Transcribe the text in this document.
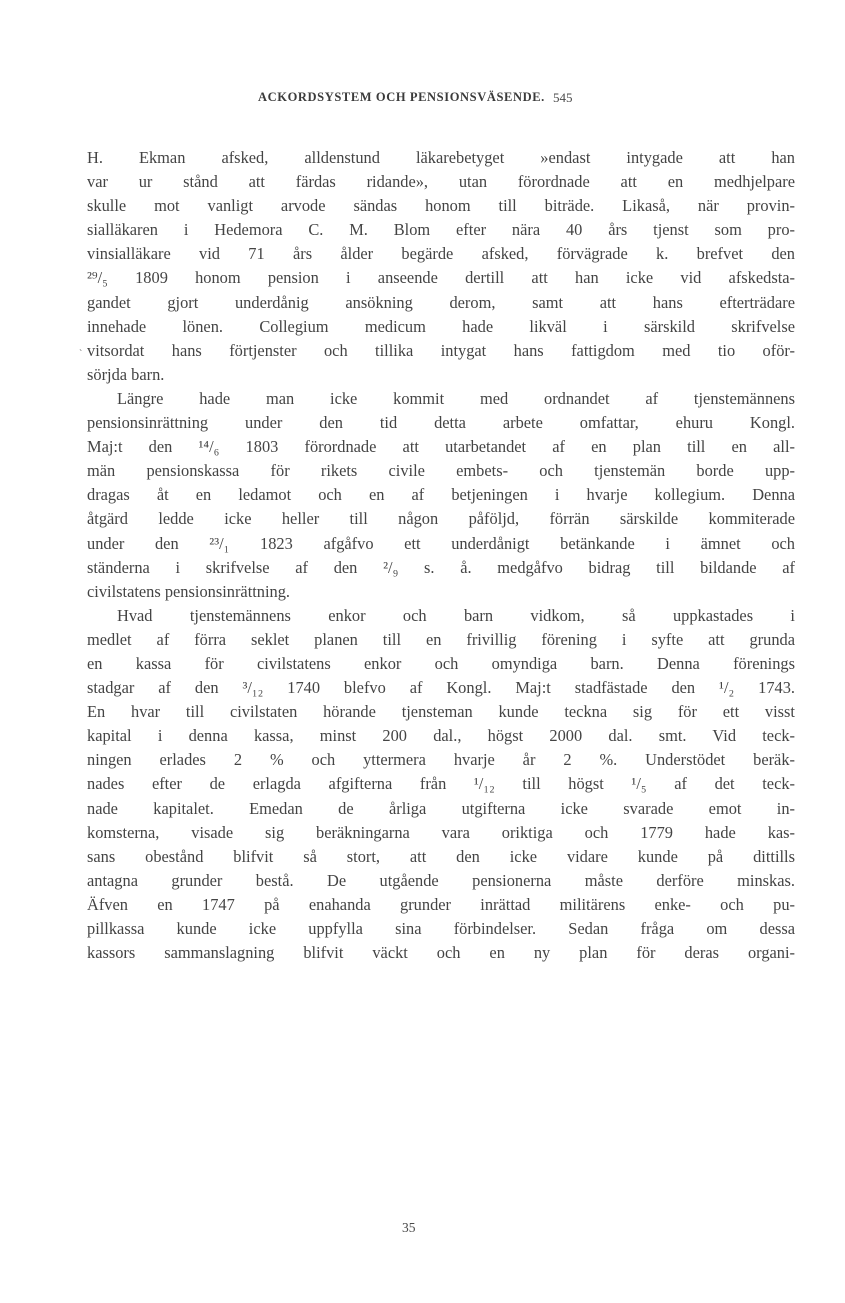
ACKORDSYSTEM OCH PENSIONSVÄSENDE. 545
`
H. Ekman afsked, alldenstund läkarebetyget »endast intygade att han
var ur stånd att färdas ridande», utan förordnade att en medhjelpare
skulle mot vanligt arvode sändas honom till biträde. Likaså, när provin-
sialläkaren i Hedemora C. M. Blom efter nära 40 års tjenst som pro-
vinsialläkare vid 71 års ålder begärde afsked, förvägrade k. brefvet den
²⁹/₅ 1809 honom pension i anseende dertill att han icke vid afskedsta-
gandet gjort underdånig ansökning derom, samt att hans efterträdare
innehade lönen. Collegium medicum hade likväl i särskild skrifvelse
vitsordat hans förtjenster och tillika intygat hans fattigdom med tio oför-
sörjda barn.
Längre hade man icke kommit med ordnandet af tjenstemännens
pensionsinrättning under den tid detta arbete omfattar, ehuru Kongl.
Maj:t den ¹⁴/₆ 1803 förordnade att utarbetandet af en plan till en all-
män pensionskassa för rikets civile embets- och tjenstemän borde upp-
dragas åt en ledamot och en af betjeningen i hvarje kollegium. Denna
åtgärd ledde icke heller till någon påföljd, förrän särskilde kommiterade
under den ²³/₁ 1823 afgåfvo ett underdånigt betänkande i ämnet och
ständerna i skrifvelse af den ²/₉ s. å. medgåfvo bidrag till bildande af
civilstatens pensionsinrättning.
Hvad tjenstemännens enkor och barn vidkom, så uppkastades i
medlet af förra seklet planen till en frivillig förening i syfte att grunda
en kassa för civilstatens enkor och omyndiga barn. Denna förenings
stadgar af den ³/₁₂ 1740 blefvo af Kongl. Maj:t stadfästade den ¹/₂ 1743.
En hvar till civilstaten hörande tjensteman kunde teckna sig för ett visst
kapital i denna kassa, minst 200 dal., högst 2000 dal. smt. Vid teck-
ningen erlades 2 % och yttermera hvarje år 2 %. Understödet beräk-
nades efter de erlagda afgifterna från ¹/₁₂ till högst ¹/₅ af det teck-
nade kapitalet. Emedan de årliga utgifterna icke svarade emot in-
komsterna, visade sig beräkningarna vara oriktiga och 1779 hade kas-
sans obestånd blifvit så stort, att den icke vidare kunde på dittills
antagna grunder bestå. De utgående pensionerna måste derföre minskas.
Äfven en 1747 på enahanda grunder inrättad militärens enke- och pu-
pillkassa kunde icke uppfylla sina förbindelser. Sedan fråga om dessa
kassors sammanslagning blifvit väckt och en ny plan för deras organi-
35
